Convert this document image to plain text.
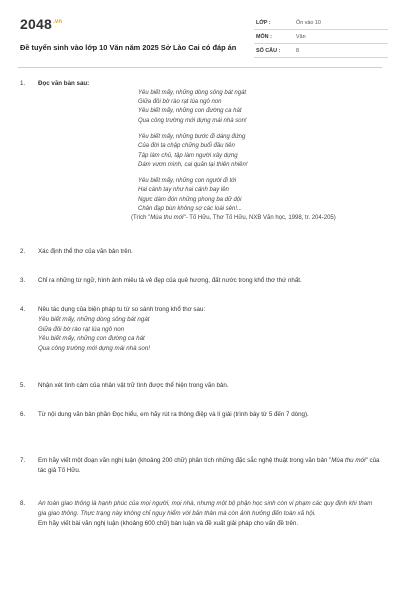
$2048^{.vn}$
Đề tuyển sinh vào lớp 10 Văn năm 2025 Sở Lào Cai có đáp án
LỚP :	Ôn vào 10
MÔN :	Văn
SỐ CÂU :	8
1. Đọc văn bản sau:
Yêu biết mấy, những dòng sông bát ngát
Giữa đôi bờ rào rạt lúa ngô non
Yêu biết mấy, những con đường ca hát
Qua công trường mới dựng mái nhà son!
Yêu biết mấy, những bước đi dáng đứng
Của đời ta chập chững buổi đầu tiên
Tập làm chủ, tập làm người xây dựng
Dám vươn mình, cai quản lại thiên nhiên!
Yêu biết mấy, những con người đi tới
Hai cánh tay như hai cánh bay lên
Ngực dám đón những phong ba dữ dội
Chân đạp bùn không sợ các loài sên!...
(Trích "Mùa thu mới"- Tố Hữu, Thơ Tố Hữu, NXB Văn học, 1998, tr. 204-205)
2. Xác định thể thơ của văn bản trên.
3. Chỉ ra những từ ngữ, hình ảnh miêu tả vẻ đẹp của quê hương, đất nước trong khổ thơ thứ nhất.
4. Nêu tác dụng của biện pháp tu từ so sánh trong khổ thơ sau:
Yêu biết mấy, những dòng sông bát ngát
Giữa đôi bờ rào rạt lúa ngô non
Yêu biết mấy, những con đường ca hát
Qua công trường mới dựng mái nhà son!
5. Nhận xét tình cảm của nhân vật trữ tình được thể hiện trong văn bản.
6. Từ nội dung văn bản phần Đọc hiểu, em hãy rút ra thông điệp và lí giải (trình bày từ 5 đến 7 dòng).
7. Em hãy viết một đoạn văn nghị luận (khoảng 200 chữ) phân tích những đặc sắc nghệ thuật trong văn bản "Mùa thu mới" của tác giả Tố Hữu.
8. An toàn giao thông là hạnh phúc của mọi người, mọi nhà, nhưng một bộ phận học sinh còn vi phạm các quy định khi tham gia giao thông. Thực trạng này không chỉ nguy hiểm với bản thân mà còn ảnh hưởng đến toàn xã hội.
Em hãy viết bài văn nghị luận (khoảng 600 chữ) bàn luận và đề xuất giải pháp cho vấn đề trên.
